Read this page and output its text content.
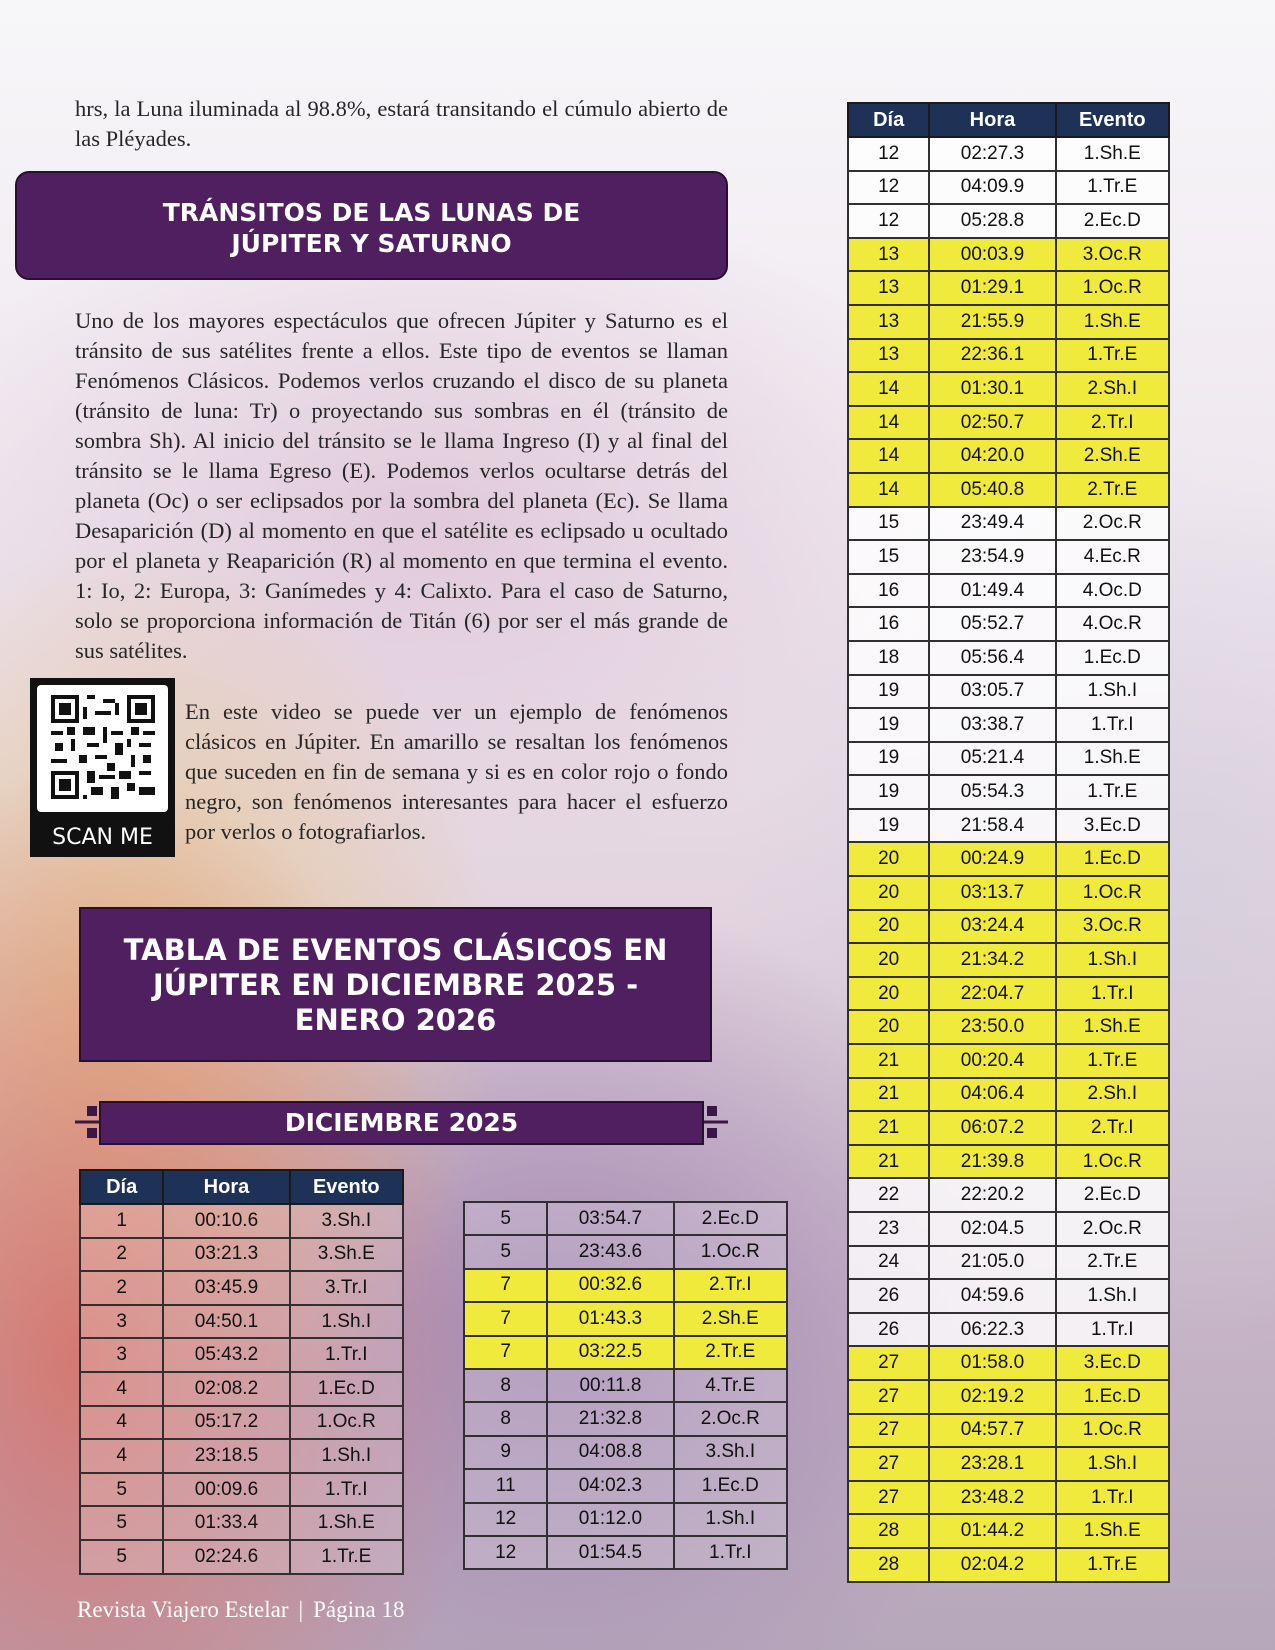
hrs, la Luna iluminada al 98.8%, estará transitando el cúmulo abierto de las Pléyades.

TRÁNSITOS DE LAS LUNAS DE
JÚPITER Y SATURNO

Uno de los mayores espectáculos que ofrecen Júpiter y Saturno es el tránsito de sus satélites frente a ellos. Este tipo de eventos se llaman Fenómenos Clásicos. Podemos verlos cruzando el disco de su planeta (tránsito de luna: Tr) o proyectando sus sombras en él (tránsito de sombra Sh). Al inicio del tránsito se le llama Ingreso (I) y al final del tránsito se le llama Egreso (E). Podemos verlos ocultarse detrás del planeta (Oc) o ser eclipsados por la sombra del planeta (Ec). Se llama Desaparición (D) al momento en que el satélite es eclipsado u ocultado por el planeta y Reaparición (R) al momento en que termina el evento. 1: Io, 2: Europa, 3: Ganímedes y 4: Calixto. Para el caso de Saturno, solo se proporciona información de Titán (6) por ser el más grande de sus satélites.

SCAN ME

En este video se puede ver un ejemplo de fenómenos clásicos en Júpiter. En amarillo se resaltan los fenómenos que suceden en fin de semana y si es en color rojo o fondo negro, son fenómenos interesantes para hacer el esfuerzo por verlos o fotografiarlos.

TABLA DE EVENTOS CLÁSICOS EN
JÚPITER EN DICIEMBRE 2025 -
ENERO 2026
DICIEMBRE 2025
Día	Hora	Evento
1	00:10.6	3.Sh.I
2	03:21.3	3.Sh.E
2	03:45.9	3.Tr.I
3	04:50.1	1.Sh.I
3	05:43.2	1.Tr.I
4	02:08.2	1.Ec.D
4	05:17.2	1.Oc.R
4	23:18.5	1.Sh.I
5	00:09.6	1.Tr.I
5	01:33.4	1.Sh.E
5	02:24.6	1.Tr.E
5	03:54.7	2.Ec.D
5	23:43.6	1.Oc.R
7	00:32.6	2.Tr.I
7	01:43.3	2.Sh.E
7	03:22.5	2.Tr.E
8	00:11.8	4.Tr.E
8	21:32.8	2.Oc.R
9	04:08.8	3.Sh.I
11	04:02.3	1.Ec.D
12	01:12.0	1.Sh.I
12	01:54.5	1.Tr.I
Día	Hora	Evento
12	02:27.3	1.Sh.E
12	04:09.9	1.Tr.E
12	05:28.8	2.Ec.D
13	00:03.9	3.Oc.R
13	01:29.1	1.Oc.R
13	21:55.9	1.Sh.E
13	22:36.1	1.Tr.E
14	01:30.1	2.Sh.I
14	02:50.7	2.Tr.I
14	04:20.0	2.Sh.E
14	05:40.8	2.Tr.E
15	23:49.4	2.Oc.R
15	23:54.9	4.Ec.R
16	01:49.4	4.Oc.D
16	05:52.7	4.Oc.R
18	05:56.4	1.Ec.D
19	03:05.7	1.Sh.I
19	03:38.7	1.Tr.I
19	05:21.4	1.Sh.E
19	05:54.3	1.Tr.E
19	21:58.4	3.Ec.D
20	00:24.9	1.Ec.D
20	03:13.7	1.Oc.R
20	03:24.4	3.Oc.R
20	21:34.2	1.Sh.I
20	22:04.7	1.Tr.I
20	23:50.0	1.Sh.E
21	00:20.4	1.Tr.E
21	04:06.4	2.Sh.I
21	06:07.2	2.Tr.I
21	21:39.8	1.Oc.R
22	22:20.2	2.Ec.D
23	02:04.5	2.Oc.R
24	21:05.0	2.Tr.E
26	04:59.6	1.Sh.I
26	06:22.3	1.Tr.I
27	01:58.0	3.Ec.D
27	02:19.2	1.Ec.D
27	04:57.7	1.Oc.R
27	23:28.1	1.Sh.I
27	23:48.2	1.Tr.I
28	01:44.2	1.Sh.E
28	02:04.2	1.Tr.E
Revista Viajero Estelar | Página 18
